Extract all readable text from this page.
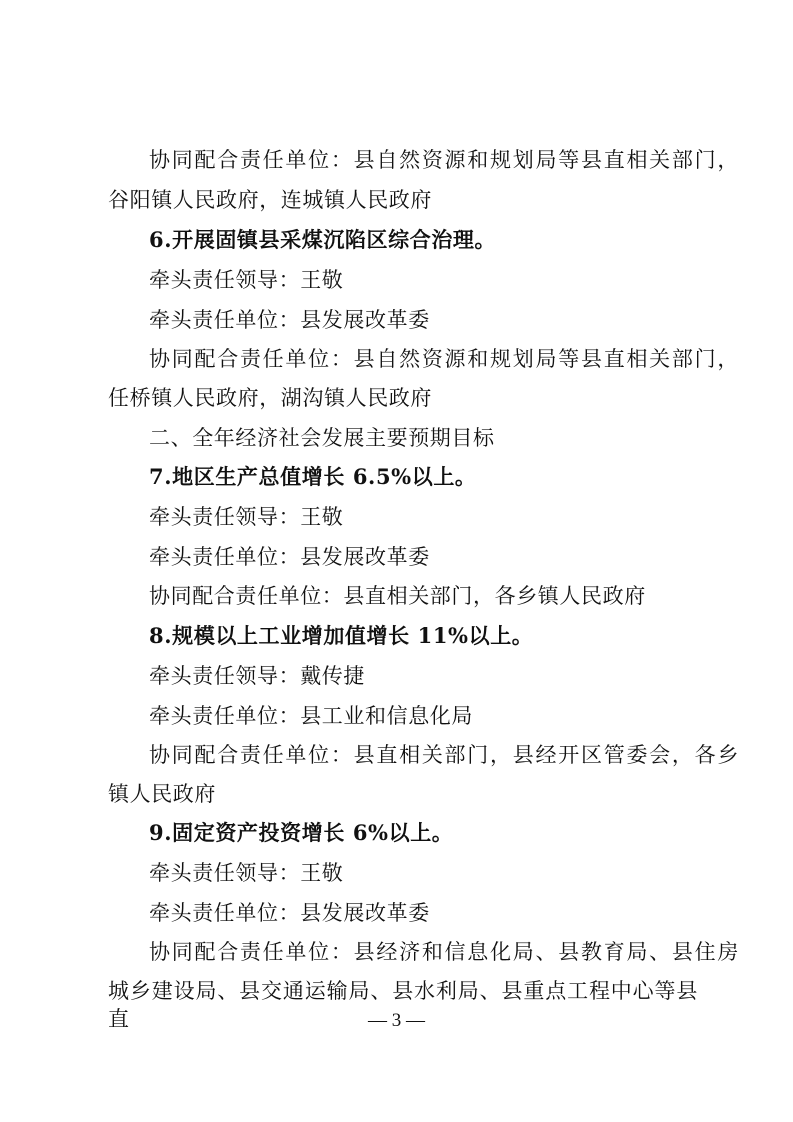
协同配合责任单位：县自然资源和规划局等县直相关部门，
谷阳镇人民政府，连城镇人民政府
6.开展固镇县采煤沉陷区综合治理。
牵头责任领导：王敬
牵头责任单位：县发展改革委
协同配合责任单位：县自然资源和规划局等县直相关部门，
任桥镇人民政府，湖沟镇人民政府
二、全年经济社会发展主要预期目标
7.地区生产总值增长 6.5%以上。
牵头责任领导：王敬
牵头责任单位：县发展改革委
协同配合责任单位：县直相关部门，各乡镇人民政府
8.规模以上工业增加值增长 11%以上。
牵头责任领导：戴传捷
牵头责任单位：县工业和信息化局
协同配合责任单位：县直相关部门，县经开区管委会，各乡
镇人民政府
9.固定资产投资增长 6%以上。
牵头责任领导：王敬
牵头责任单位：县发展改革委
协同配合责任单位：县经济和信息化局、县教育局、县住房
城乡建设局、县交通运输局、县水利局、县重点工程中心等县直	— 3 —
